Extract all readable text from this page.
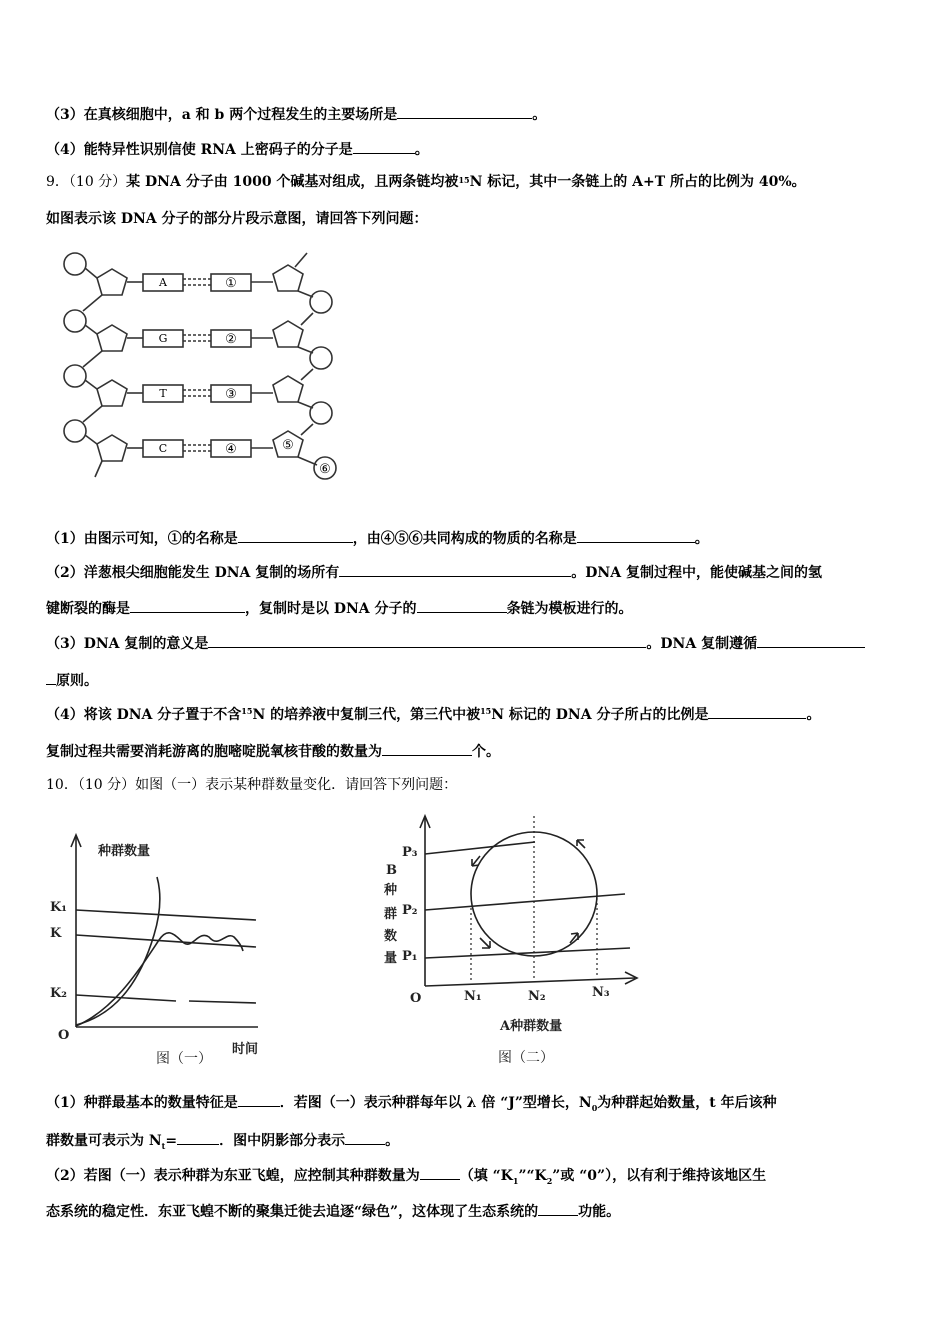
（3）在真核细胞中，a 和 b 两个过程发生的主要场所是	。
（4）能特异性识别信使 RNA 上密码子的分子是	。
9．（10 分）某 DNA 分子由 1000 个碱基对组成，且两条链均被$^{15}$N 标记，其中一条链上的 A+T 所占的比例为 40%。
如图表示该 DNA 分子的部分片段示意图，请回答下列问题：
A
G
T
C
①
②
③
④	⑤
⑥
（1）由图示可知，①的名称是	，由④⑤⑥共同构成的物质的名称是	。
（2）洋葱根尖细胞能发生 DNA 复制的场所有	。DNA 复制过程中，能使碱基之间的氢
键断裂的酶是	，复制时是以 DNA 分子的	条链为模板进行的。
（3）DNA 复制的意义是	。DNA 复制遵循
原则。
（4）将该 DNA 分子置于不含$^{15}$N 的培养液中复制三代，第三代中被$^{15}$N 标记的 DNA 分子所占的比例是	。
复制过程共需要消耗游离的胞嘧啶脱氧核苷酸的数量为	个。
10．（10 分）如图（一）表示某种群数量变化．请回答下列问题：
种群数量
K₁
K
K₂
O
时间
图（一）
B
种
群
数
量
P₃
P₂
P₁
O	N₁	N₂	N₃
A种群数量
图（二）
（1）种群最基本的数量特征是	．若图（一）表示种群每年以 λ 倍 “J”型增长，$N_0$为种群起始数量，t 年后该种
群数量可表示为 $N_t=$	．图中阴影部分表示	。
（2）若图（一）表示种群为东亚飞蝗，应控制其种群数量为	（填 “$K_1”“K_2$”或 “0”），以有利于维持该地区生
态系统的稳定性．东亚飞蝗不断的聚集迁徙去追逐“绿色”，这体现了生态系统的	功能。
